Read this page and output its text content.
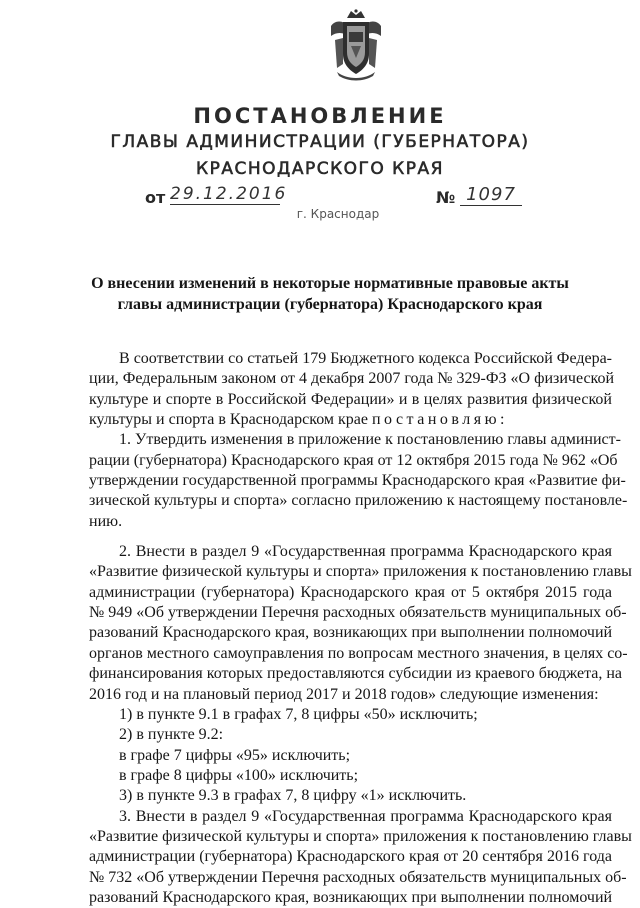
ПОСТАНОВЛЕНИЕ
ГЛАВЫ АДМИНИСТРАЦИИ (ГУБЕРНАТОРА)
КРАСНОДАРСКОГО КРАЯ
от 29.12.2016	№ 1097
г. Краснодар
О внесении изменений в некоторые нормативные правовые акты
главы администрации (губернатора) Краснодарского края
В соответствии со статьей 179 Бюджетного кодекса Российской Федера-
ции, Федеральным законом от 4 декабря 2007 года № 329-ФЗ «О физической
культуре и спорте в Российской Федерации» и в целях развития физической
культуры и спорта в Краснодарском крае постановляю:
1. Утвердить изменения в приложение к постановлению главы админист-
рации (губернатора) Краснодарского края от 12 октября 2015 года № 962 «Об
утверждении государственной программы Краснодарского края «Развитие фи-
зической культуры и спорта» согласно приложению к настоящему постановле-
нию.
2. Внести в раздел 9 «Государственная программа Краснодарского края
«Развитие физической культуры и спорта» приложения к постановлению главы
администрации (губернатора) Краснодарского края от 5 октября 2015 года
№ 949 «Об утверждении Перечня расходных обязательств муниципальных об-
разований Краснодарского края, возникающих при выполнении полномочий
органов местного самоуправления по вопросам местного значения, в целях со-
финансирования которых предоставляются субсидии из краевого бюджета, на
2016 год и на плановый период 2017 и 2018 годов» следующие изменения:
1) в пункте 9.1 в графах 7, 8 цифры «50» исключить;
2) в пункте 9.2:
в графе 7 цифры «95» исключить;
в графе 8 цифры «100» исключить;
3) в пункте 9.3 в графах 7, 8 цифру «1» исключить.
3. Внести в раздел 9 «Государственная программа Краснодарского края
«Развитие физической культуры и спорта» приложения к постановлению главы
администрации (губернатора) Краснодарского края от 20 сентября 2016 года
№ 732 «Об утверждении Перечня расходных обязательств муниципальных об-
разований Краснодарского края, возникающих при выполнении полномочий
